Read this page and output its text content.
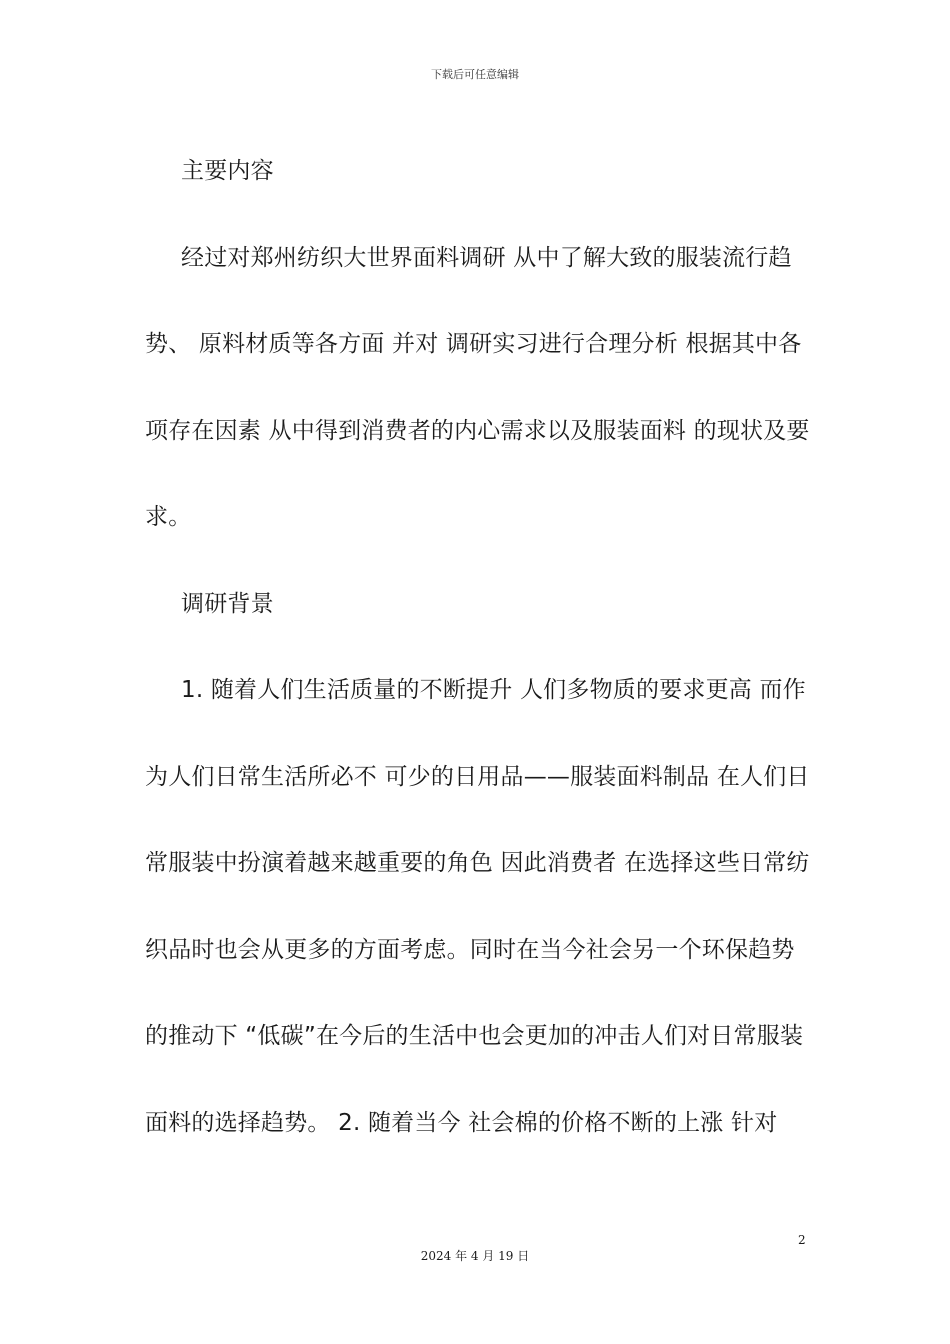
下载后可任意编辑

主要内容

经过对郑州纺织大世界面料调研 从中了解大致的服装流行趋势、 原料材质等各方面 并对 调研实习进行合理分析 根据其中各项存在因素 从中得到消费者的内心需求以及服装面料 的现状及要求。

调研背景

1. 随着人们生活质量的不断提升 人们多物质的要求更高 而作为人们日常生活所必不 可少的日用品——服装面料制品 在人们日常服装中扮演着越来越重要的角色 因此消费者 在选择这些日常纺织品时也会从更多的方面考虑。同时在当今社会另一个环保趋势的推动下 “低碳”在今后的生活中也会更加的冲击人们对日常服装面料的选择趋势。 2. 随着当今 社会棉的价格不断的上涨 针对

2
2024 年 4 月 19 日
